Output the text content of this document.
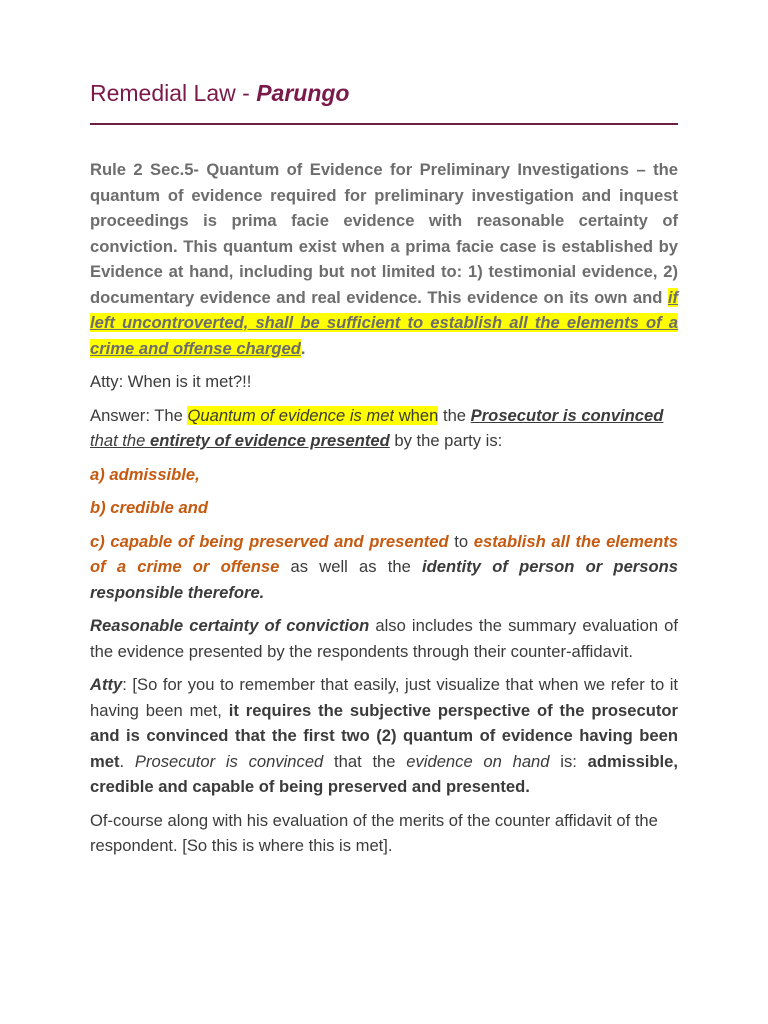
Remedial Law - Parungo

Rule 2 Sec.5- Quantum of Evidence for Preliminary Investigations – the quantum of evidence required for preliminary investigation and inquest proceedings is prima facie evidence with reasonable certainty of conviction. This quantum exist when a prima facie case is established by Evidence at hand, including but not limited to: 1) testimonial evidence, 2) documentary evidence and real evidence. This evidence on its own and if left uncontroverted, shall be sufficient to establish all the elements of a crime and offense charged.

Atty: When is it met?!!

Answer: The Quantum of evidence is met when the Prosecutor is convinced
that the entirety of evidence presented by the party is:

a) admissible,

b) credible and

c) capable of being preserved and presented to establish all the elements of a crime or offense as well as the identity of person or persons responsible therefore.

Reasonable certainty of conviction also includes the summary evaluation of the evidence presented by the respondents through their counter-affidavit.

Atty: [So for you to remember that easily, just visualize that when we refer to it having been met, it requires the subjective perspective of the prosecutor and is convinced that the first two (2) quantum of evidence having been met. Prosecutor is convinced that the evidence on hand is: admissible, credible and capable of being preserved and presented.

Of-course along with his evaluation of the merits of the counter affidavit of the respondent. [So this is where this is met].
